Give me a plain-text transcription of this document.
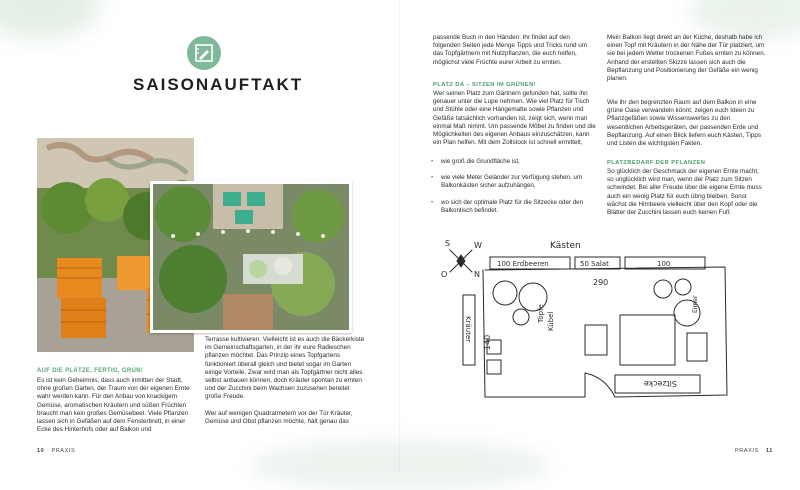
SAISONAUFTAKT
AUF DIE PLÄTZE, FERTIG, GRÜN!

Es ist kein Geheimnis, dass auch inmitten der Stadt, ohne großen Garten, der Traum von der eigenen Ernte wahr werden kann. Für den Anbau von knackigem Gemüse, aromatischen Kräutern und süßen Früchten braucht man kein großes Gemüsebeet. Viele Pflanzen lassen sich in Gefäßen auf dem Fensterbrett, in einer Ecke des Hinterhofs oder auf Balkon und

Terrasse kultivieren. Vielleicht ist es auch die Bäckerkiste im Gemeinschaftsgarten, in der ihr eure Radieschen pflanzen möchtet. Das Prinzip eines Topfgartens funktioniert überall gleich und bietet sogar im Garten einige Vorteile. Zwar wird man als Topfgärtner nicht alles selbst anbauen können, doch Kräuter spontan zu ernten und der Zucchini beim Wachsen zuzusehen bereitet große Freude.

Wer auf wenigen Quadratmetern vor der Tür Kräuter, Gemüse und Obst pflanzen möchte, hält genau das

10 PRAXIS

passende Buch in den Händen: Ihr findet auf den folgenden Seiten jede Menge Tipps und Tricks rund um das Topfgärtnern mit Nutzpflanzen, die euch helfen, möglichst viele Früchte eurer Arbeit zu ernten.

PLATZ DA – SITZEN IM GRÜNEN!

Wer seinen Platz zum Gärtnern gefunden hat, sollte ihn genauer unter die Lupe nehmen. Wie viel Platz für Tisch und Stühle oder eine Hängematte sowie Pflanzen und Gefäße tatsächlich vorhanden ist, zeigt sich, wenn man einmal Maß nimmt. Um passende Möbel zu finden und die Möglichkeiten des eigenen Anbaus einzuschätzen, kann ein Plan helfen. Mit dem Zollstock ist schnell ermittelt,

• wie groß die Grundfläche ist,
• wie viele Meter Geländer zur Verfügung stehen, um Balkonkästen sicher aufzuhängen,
• wo sich der optimale Platz für die Sitzecke oder den Balkontisch befindet.

Mein Balkon liegt direkt an der Küche, deshalb habe ich einen Topf mit Kräutern in der Nähe der Tür platziert, um sie bei jedem Wetter trockenen Fußes ernten zu können. Anhand der erstellten Skizze lassen sich auch die Bepflanzung und Positionierung der Gefäße ein wenig planen.

Wie ihr den begrenzten Raum auf dem Balkon in eine grüne Oase verwandeln könnt, zeigen euch Ideen zu Pflanzgefäßen sowie Wissenswertes zu den wesentlichen Arbeitsgeräten, der passenden Erde und Bepflanzung. Auf einen Blick liefern euch Kästen, Tipps und Listen die wichtigsten Fakten.

PLATZBEDARF DER PFLANZEN

So glücklich der Geschmack der eigenen Ernte macht, so unglücklich wird man, wenn der Platz zum Sitzen schwindet. Bei aller Freude über die eigene Ernte muss auch ein wenig Platz für euch übrig bleiben. Sonst wächst die Himbeere vielleicht über den Kopf oder die Blätter der Zucchini lassen euch keinen Fuß

S	W
N
O
Kästen
100 Erdbeeren	50 Salat	100
290
140
Kräuter
Töpfe Kübel
Eimer
Sitzecke
PRAXIS 11
